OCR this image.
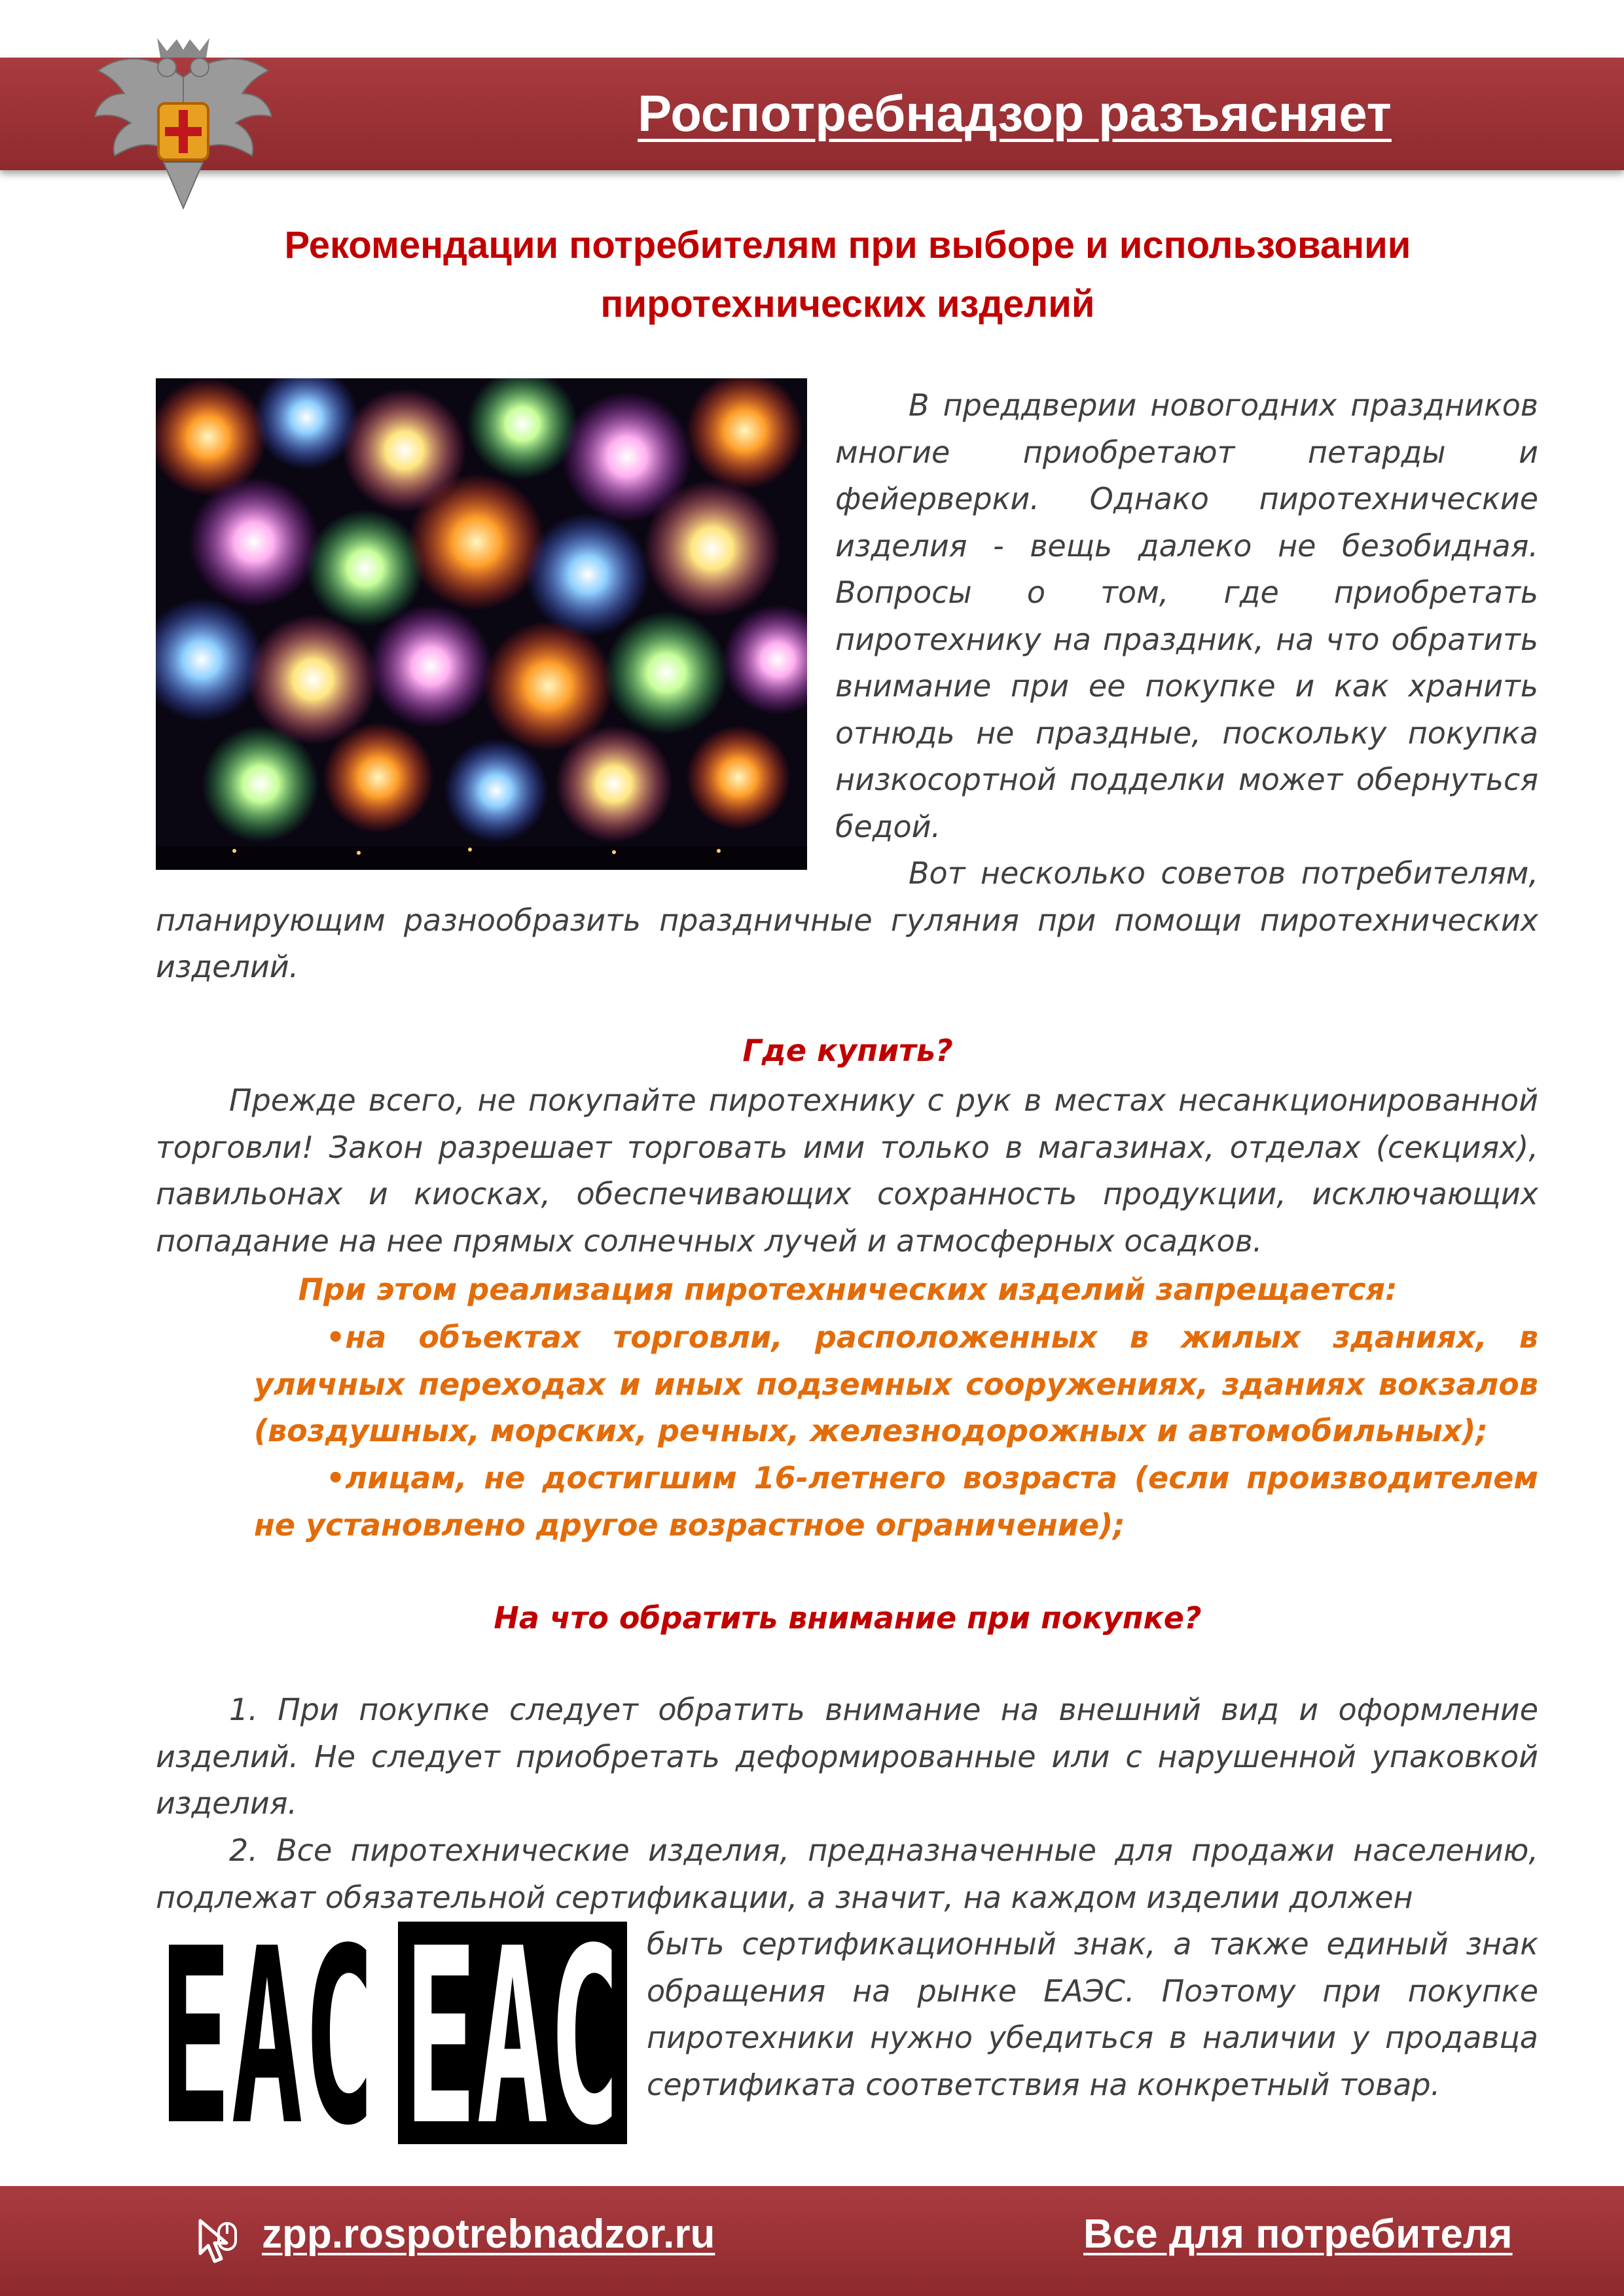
Роспотребнадзор разъясняет
Рекомендации потребителям при выборе и использовании
пиротехнических изделий

В преддверии новогодних праздников многие приобретают петарды и фейерверки. Однако пиротехнические изделия - вещь далеко не безобидная. Вопросы о том, где приобретать пиротехнику на праздник, на что обратить внимание при ее покупке и как хранить отнюдь не праздные, поскольку покупка низкосортной подделки может обернуться бедой.

Вот несколько советов потребителям, планирующим разнообразить праздничные гуляния при помощи пиротехнических изделий.

Где купить?

Прежде всего, не покупайте пиротехнику с рук в местах несанкционированной торговли! Закон разрешает торговать ими только в магазинах, отделах (секциях), павильонах и киосках, обеспечивающих сохранность продукции, исключающих попадание на нее прямых солнечных лучей и атмосферных осадков.

При этом реализация пиротехнических изделий запрещается:

•на объектах торговли, расположенных в жилых зданиях, в уличных переходах и иных подземных сооружениях, зданиях вокзалов (воздушных, морских, речных, железнодорожных и автомобильных);

•лицам, не достигшим 16-летнего возраста (если производителем не установлено другое возрастное ограничение);

На что обратить внимание при покупке?

1. При покупке следует обратить внимание на внешний вид и оформление изделий. Не следует приобретать деформированные или с нарушенной упаковкой изделия.

2. Все пиротехнические изделия, предназначенные для продажи населению, подлежат обязательной сертификации, а значит, на каждом изделии должен

EAC EAC быть сертификационный знак, а также единый знак обращения на рынке ЕАЭС. Поэтому при покупке пиротехники нужно убедиться в наличии у продавца сертификата соответствия на конкретный товар.

zpp.rospotrebnadzor.ru	Все для потребителя
